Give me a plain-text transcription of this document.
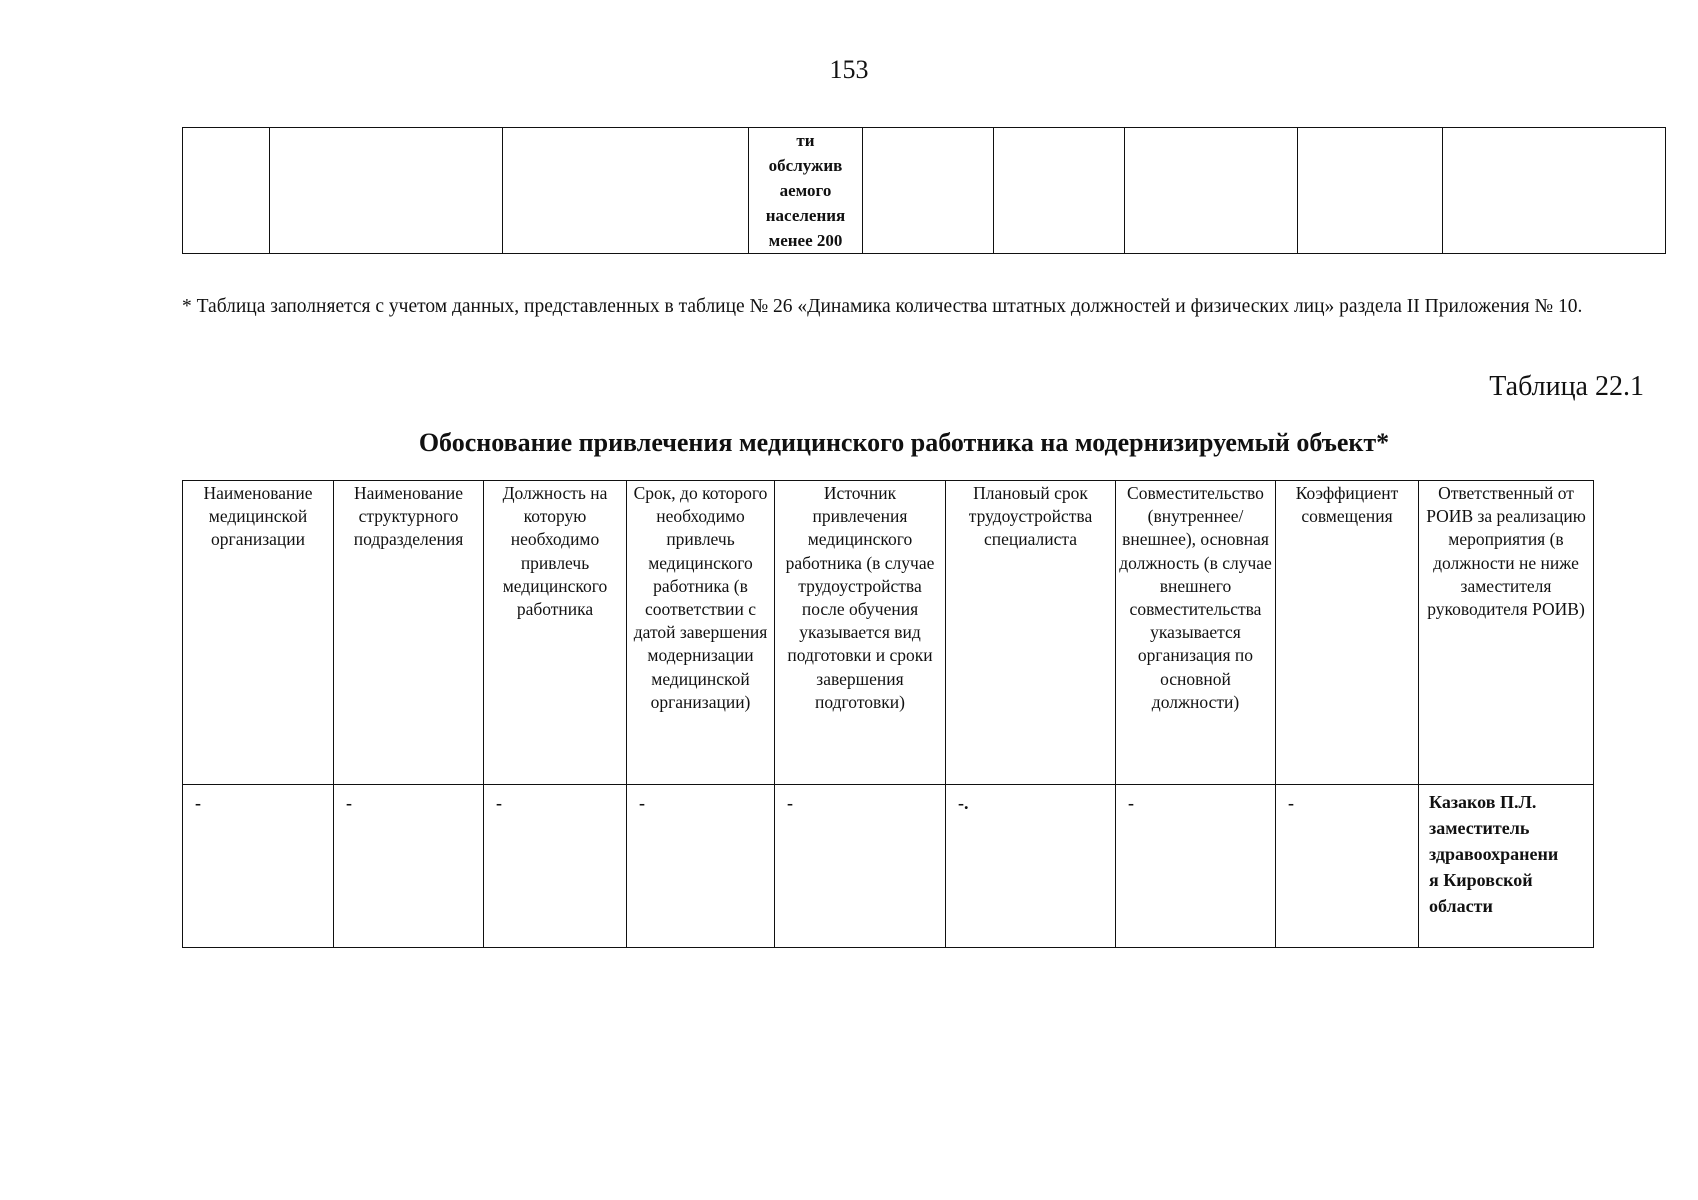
153

ти
обслужив
аемого
населения
менее 200

* Таблица заполняется с учетом данных, представленных в таблице № 26 «Динамика количества штатных должностей и физических лиц» раздела II Приложения № 10.
Таблица 22.1
Обоснование привлечения медицинского работника на модернизируемый объект*
Наименование медицинской организации	Наименование структурного подразделения	Должность на которую необходимо привлечь медицинского работника	Срок, до которого необходимо привлечь медицинского работника (в соответствии с датой завершения модернизации медицинской организации)	Источник привлечения медицинского работника (в случае трудоустройства после обучения указывается вид подготовки и сроки завершения подготовки)	Плановый срок трудоустройства специалиста	Совместительство (внутреннее/внешнее), основная должность (в случае внешнего совместительства указывается организация по основной должности)	Коэффициент совмещения	Ответственный от РОИВ за реализацию мероприятия (в должности не ниже заместителя руководителя РОИВ)
-	-	-	-	-	-.	-	-	Казаков П.Л.
заместитель
здравоохранени
я Кировской
области
